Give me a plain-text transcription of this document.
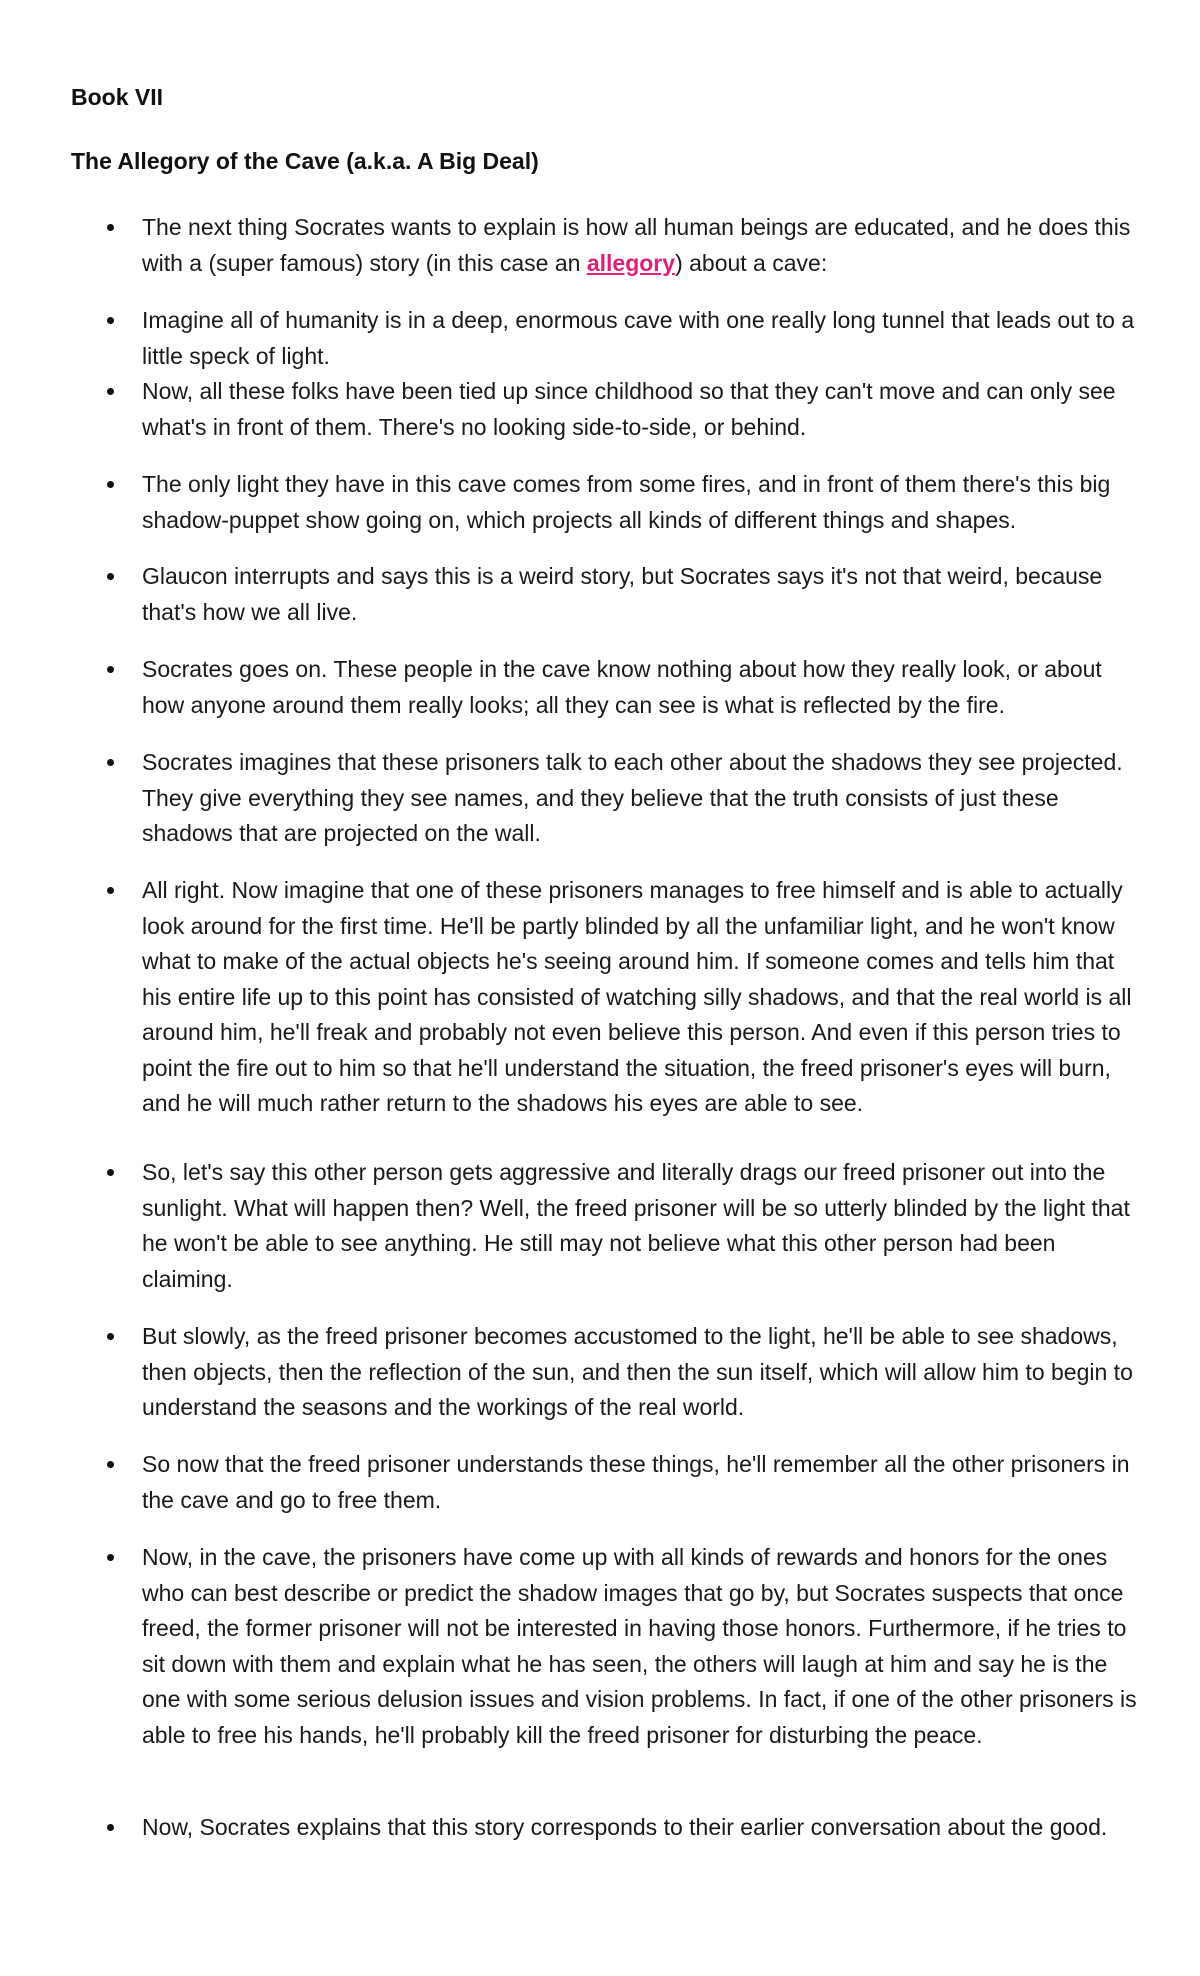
Book VII
The Allegory of the Cave (a.k.a. A Big Deal)
The next thing Socrates wants to explain is how all human beings are educated, and he does this with a (super famous) story (in this case an allegory) about a cave:
Imagine all of humanity is in a deep, enormous cave with one really long tunnel that leads out to a little speck of light.
Now, all these folks have been tied up since childhood so that they can't move and can only see what's in front of them. There's no looking side-to-side, or behind.
The only light they have in this cave comes from some fires, and in front of them there's this big shadow-puppet show going on, which projects all kinds of different things and shapes.
Glaucon interrupts and says this is a weird story, but Socrates says it's not that weird, because that's how we all live.
Socrates goes on. These people in the cave know nothing about how they really look, or about how anyone around them really looks; all they can see is what is reflected by the fire.
Socrates imagines that these prisoners talk to each other about the shadows they see projected. They give everything they see names, and they believe that the truth consists of just these shadows that are projected on the wall.
All right. Now imagine that one of these prisoners manages to free himself and is able to actually look around for the first time. He'll be partly blinded by all the unfamiliar light, and he won't know what to make of the actual objects he's seeing around him. If someone comes and tells him that his entire life up to this point has consisted of watching silly shadows, and that the real world is all around him, he'll freak and probably not even believe this person. And even if this person tries to point the fire out to him so that he'll understand the situation, the freed prisoner's eyes will burn, and he will much rather return to the shadows his eyes are able to see.
So, let's say this other person gets aggressive and literally drags our freed prisoner out into the sunlight. What will happen then? Well, the freed prisoner will be so utterly blinded by the light that he won't be able to see anything. He still may not believe what this other person had been claiming.
But slowly, as the freed prisoner becomes accustomed to the light, he'll be able to see shadows, then objects, then the reflection of the sun, and then the sun itself, which will allow him to begin to understand the seasons and the workings of the real world.
So now that the freed prisoner understands these things, he'll remember all the other prisoners in the cave and go to free them.
Now, in the cave, the prisoners have come up with all kinds of rewards and honors for the ones who can best describe or predict the shadow images that go by, but Socrates suspects that once freed, the former prisoner will not be interested in having those honors. Furthermore, if he tries to sit down with them and explain what he has seen, the others will laugh at him and say he is the one with some serious delusion issues and vision problems. In fact, if one of the other prisoners is able to free his hands, he'll probably kill the freed prisoner for disturbing the peace.
Now, Socrates explains that this story corresponds to their earlier conversation about the good.
